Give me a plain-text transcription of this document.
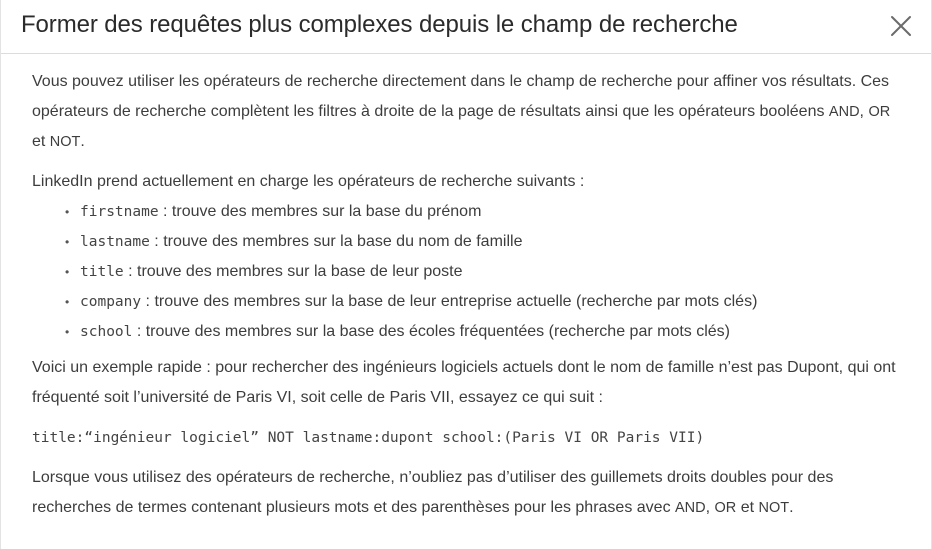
Former des requêtes plus complexes depuis le champ de recherche

Vous pouvez utiliser les opérateurs de recherche directement dans le champ de recherche pour affiner vos résultats. Ces opérateurs de recherche complètent les filtres à droite de la page de résultats ainsi que les opérateurs booléens AND, OR et NOT.

LinkedIn prend actuellement en charge les opérateurs de recherche suivants :

• firstname : trouve des membres sur la base du prénom
• lastname : trouve des membres sur la base du nom de famille
• title : trouve des membres sur la base de leur poste
• company : trouve des membres sur la base de leur entreprise actuelle (recherche par mots clés)
• school : trouve des membres sur la base des écoles fréquentées (recherche par mots clés)

Voici un exemple rapide : pour rechercher des ingénieurs logiciels actuels dont le nom de famille n’est pas Dupont, qui ont fréquenté soit l’université de Paris VI, soit celle de Paris VII, essayez ce qui suit :

title:“ingénieur logiciel” NOT lastname:dupont school:(Paris VI OR Paris VII)

Lorsque vous utilisez des opérateurs de recherche, n’oubliez pas d’utiliser des guillemets droits doubles pour des recherches de termes contenant plusieurs mots et des parenthèses pour les phrases avec AND, OR et NOT.
